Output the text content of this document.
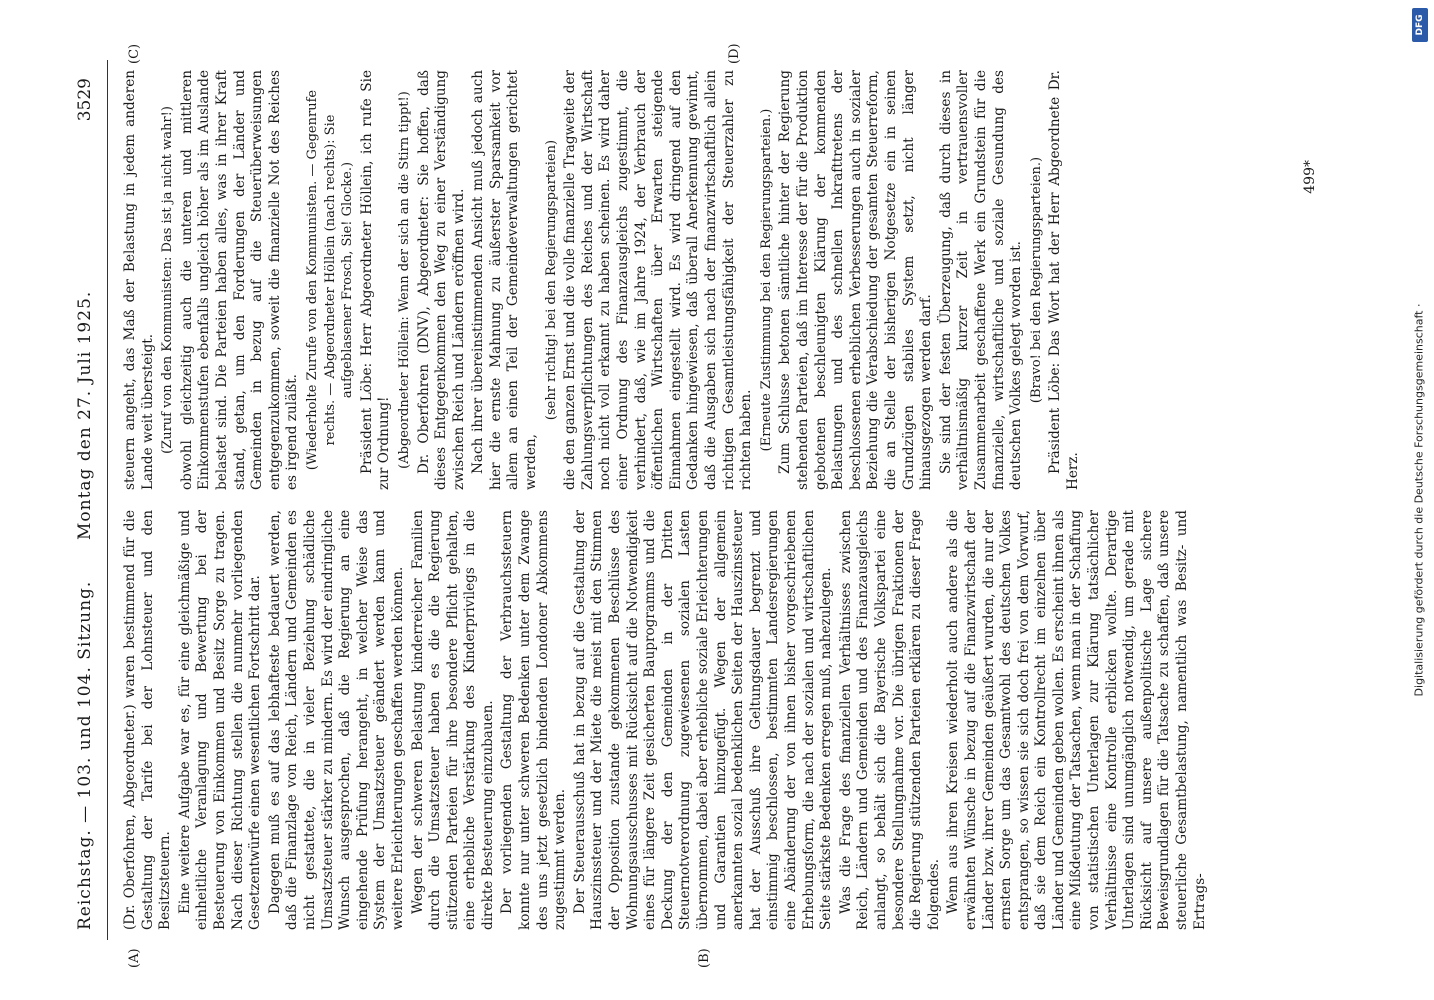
Reichstag. — 103. und 104. Sitzung.
Montag den 27. Juli 1925.
3529
(A)	(B)
(C)	(D)

(Dr. Oberfohren, Abgeordneter.) waren bestimmend für die Gestaltung der Tarife bei der Lohnsteuer und den Besitzsteuern. Eine weitere Aufgabe war es, für eine gleichmäßige und einheitliche Veranlagung und Bewertung bei der Besteuerung von Einkommen und Besitz Sorge zu tragen. Nach dieser Richtung stellen die nunmehr vorliegenden Gesetzentwürfe einen wesentlichen Fortschritt dar. Dagegen muß es auf das lebhafteste bedauert werden, daß die Finanzlage von Reich, Ländern und Gemeinden es nicht gestattete, die in vieler Beziehung schädliche Umsatzsteuer stärker zu mindern. Es wird der eindringliche Wunsch ausgesprochen, daß die Regierung an eine eingehende Prüfung herangeht, in welcher Weise das System der Umsatzsteuer geändert werden kann und weitere Erleichterungen geschaffen werden können. Wegen der schweren Belastung kinderreicher Familien durch die Umsatzsteuer haben es die die Regierung stützenden Parteien für ihre besondere Pflicht gehalten, eine erhebliche Verstärkung des Kinderprivilegs in die direkte Besteuerung einzubauen. Der vorliegenden Gestaltung der Verbrauchssteuern konnte nur unter schweren Bedenken unter dem Zwange des uns jetzt gesetzlich bindenden Londoner Abkommens zugestimmt werden. Der Steuerausschuß hat in bezug auf die Gestaltung der Hauszinssteuer und der Miete die meist mit den Stimmen der Opposition zustande gekommenen Beschlüsse des Wohnungsausschusses mit Rücksicht auf die Notwendigkeit eines für längere Zeit gesicherten Bauprogramms und die Deckung der den Gemeinden in der Dritten Steuernotverordnung zugewiesenen sozialen Lasten übernommen, dabei aber erhebliche soziale Erleichterungen und Garantien hinzugefügt. Wegen der allgemein anerkannten sozial bedenklichen Seiten der Hauszinssteuer hat der Ausschuß ihre Geltungsdauer begrenzt und einstimmig beschlossen, bestimmten Landesregierungen eine Abänderung der von ihnen bisher vorgeschriebenen Erhebungsform, die nach der sozialen und wirtschaftlichen Seite stärkste Bedenken erregen muß, nahezulegen. Was die Frage des finanziellen Verhältnisses zwischen Reich, Ländern und Gemeinden und des Finanzausgleichs anlangt, so behält sich die Bayerische Volkspartei eine besondere Stellungnahme vor. Die übrigen Fraktionen der die Regierung stützenden Parteien erklären zu dieser Frage folgendes. Wenn aus ihren Kreisen wiederholt auch andere als die erwähnten Wünsche in bezug auf die Finanzwirtschaft der Länder bzw. ihrer Gemeinden geäußert wurden, die nur der ernsten Sorge um das Gesamtwohl des deutschen Volkes entsprangen, so wissen sie sich doch frei von dem Vorwurf, daß sie dem Reich ein Kontrollrecht im einzelnen über Länder und Gemeinden geben wollen. Es erscheint ihnen als eine Mißdeutung der Tatsachen, wenn man in der Schaffung von statistischen Unterlagen zur Klärung tatsächlicher Verhältnisse eine Kontrolle erblicken wollte. Derartige Unterlagen sind unumgänglich notwendig, um gerade mit Rücksicht auf unsere außenpolitische Lage sichere Beweisgrundlagen für die Tatsache zu schaffen, daß unsere steuerliche Gesamtbelastung, namentlich was Besitz- und Ertrags-

steuern angeht, das Maß der Belastung in jedem anderen Lande weit übersteigt. (Zuruf von den Kommunisten: Das ist ja nicht wahr!) obwohl gleichzeitig auch die unteren und mittleren Einkommenstufen ebenfalls ungleich höher als im Auslande belastet sind. Die Parteien haben alles, was in ihrer Kraft stand, getan, um den Forderungen der Länder und Gemeinden in bezug auf die Steuerüberweisungen entgegenzukommen, soweit die finanzielle Not des Reiches es irgend zuläßt. (Wiederholte Zurufe von den Kommunisten. — Gegenrufe rechts. — Abgeordneter Höllein (nach rechts): Sie aufgeblasener Frosch, Sie! Glocke.) Präsident Löbe: Herr Abgeordneter Höllein, ich rufe Sie zur Ordnung! (Abgeordneter Höllein: Wenn der sich an die Stirn tippt!) Dr. Oberfohren (DNV), Abgeordneter: Sie hoffen, daß dieses Entgegenkommen den Weg zu einer Verständigung zwischen Reich und Ländern eröffnen wird. Nach ihrer übereinstimmenden Ansicht muß jedoch auch hier die ernste Mahnung zu äußerster Sparsamkeit vor allem an einen Teil der Gemeindeverwaltungen gerichtet werden,

(sehr richtig! bei den Regierungsparteien) die den ganzen Ernst und die volle finanzielle Tragweite der Zahlungsverpflichtungen des Reiches und der Wirtschaft noch nicht voll erkannt zu haben scheinen. Es wird daher einer Ordnung des Finanzausgleichs zugestimmt, die verhindert, daß, wie im Jahre 1924, der Verbrauch der öffentlichen Wirtschaften über Erwarten steigende Einnahmen eingestellt wird. Es wird dringend auf den Gedanken hingewiesen, daß überall Anerkennung gewinnt, daß die Ausgaben sich nach der finanzwirtschaftlich allein richtigen Gesamtleistungsfähigkeit der Steuerzahler zu richten haben. (Erneute Zustimmung bei den Regierungsparteien.) Zum Schlusse betonen sämtliche hinter der Regierung stehenden Parteien, daß im Interesse der für die Produktion gebotenen beschleunigten Klärung der kommenden Belastungen und des schnellen Inkrafttretens der beschlossenen erheblichen Verbesserungen auch in sozialer Beziehung die Verabschiedung der gesamten Steuerreform, die an Stelle der bisherigen Notgesetze ein in seinen Grundzügen stabiles System setzt, nicht länger hinausgezogen werden darf. Sie sind der festen Überzeugung, daß durch dieses in verhältnismäßig kurzer Zeit in vertrauensvoller Zusammenarbeit geschaffene Werk ein Grundstein für die finanzielle, wirtschaftliche und soziale Gesundung des deutschen Volkes gelegt worden ist. (Bravo! bei den Regierungsparteien.) Präsident Löbe: Das Wort hat der Herr Abgeordnete Dr. Herz.

499*
DFG
Digitalisierung gefördert durch die Deutsche Forschungsgemeinschaft ·
